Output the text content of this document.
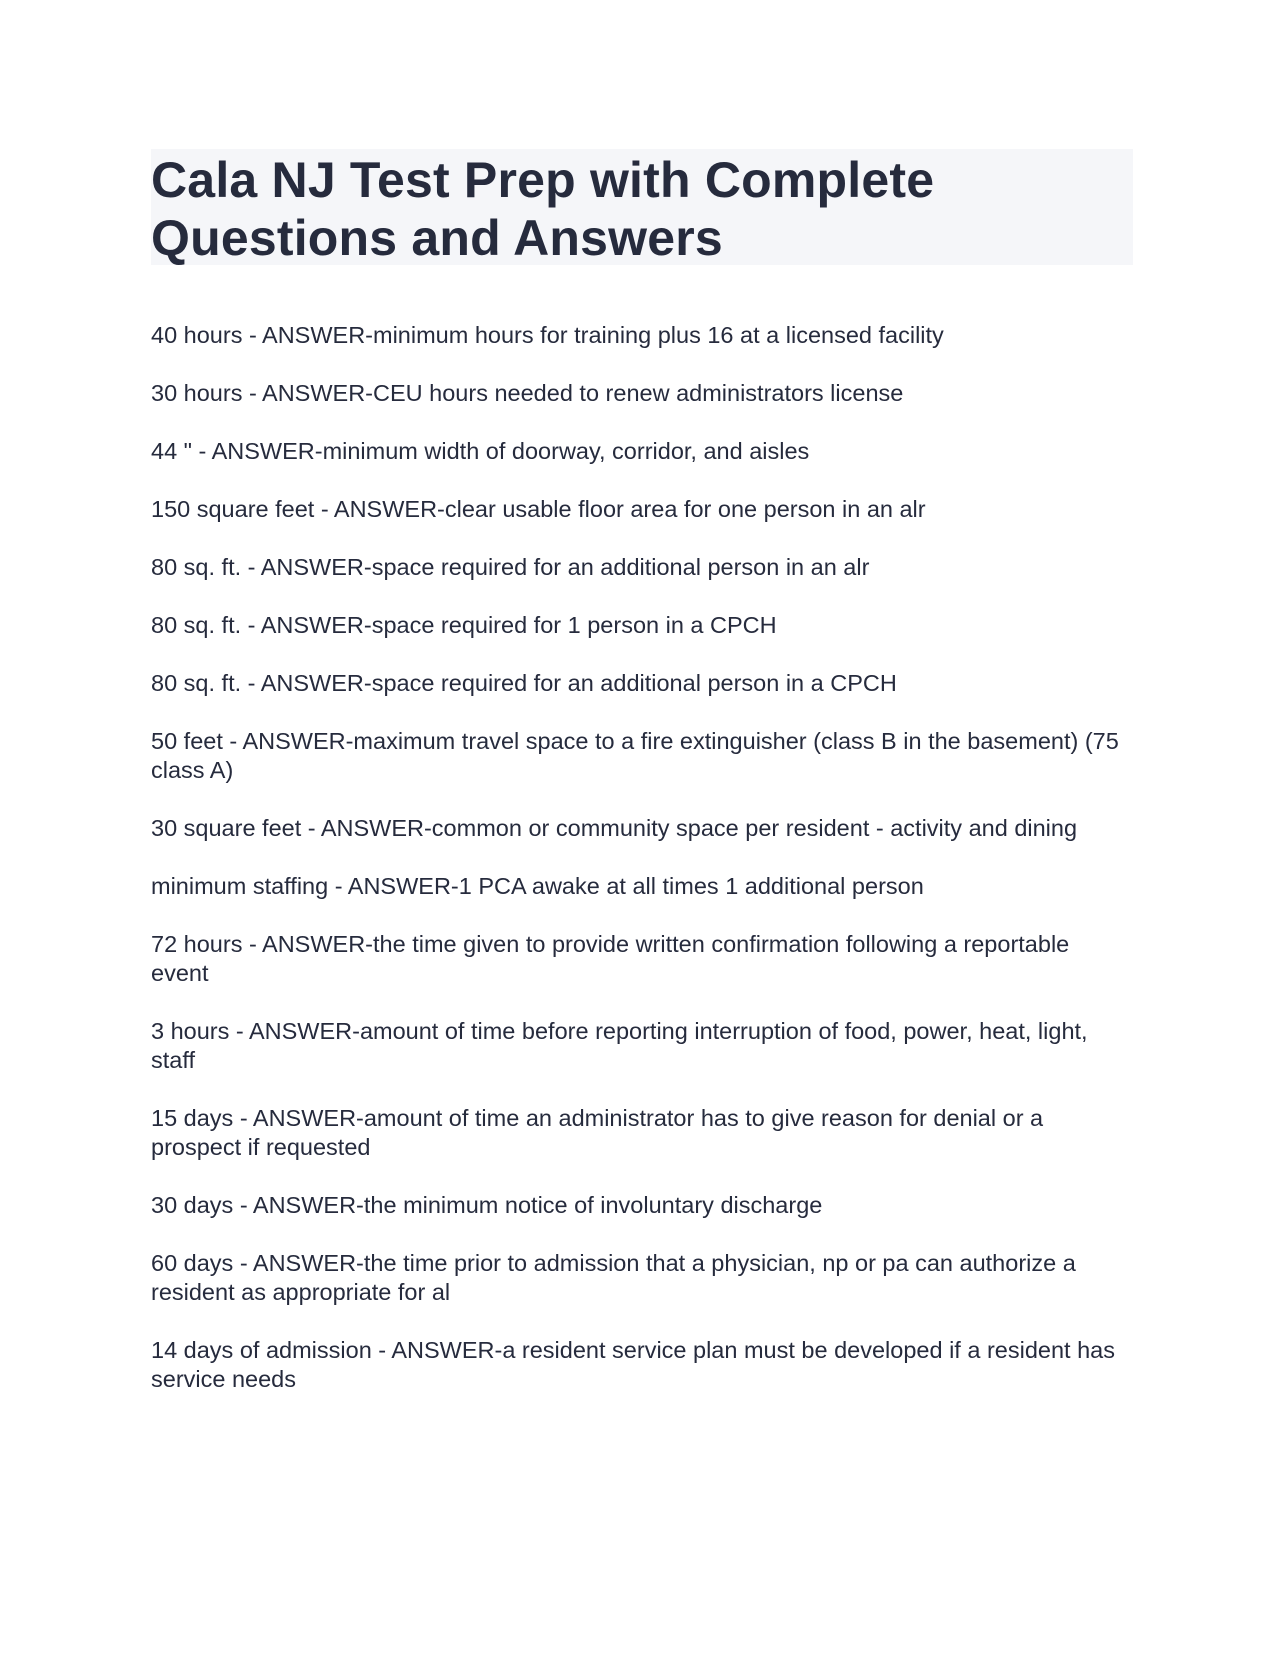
Cala NJ Test Prep with Complete Questions and Answers
40 hours - ANSWER-minimum hours for training plus 16 at a licensed facility
30 hours - ANSWER-CEU hours needed to renew administrators license
44 " - ANSWER-minimum width of doorway, corridor, and aisles
150 square feet - ANSWER-clear usable floor area for one person in an alr
80 sq. ft. - ANSWER-space required for an additional person in an alr
80 sq. ft. - ANSWER-space required for 1 person in a CPCH
80 sq. ft. - ANSWER-space required for an additional person in a CPCH
50 feet - ANSWER-maximum travel space to a fire extinguisher (class B in the basement) (75 class A)
30 square feet - ANSWER-common or community space per resident - activity and dining
minimum staffing - ANSWER-1 PCA awake at all times 1 additional person
72 hours - ANSWER-the time given to provide written confirmation following a reportable event
3 hours - ANSWER-amount of time before reporting interruption of food, power, heat, light, staff
15 days - ANSWER-amount of time an administrator has to give reason for denial or a prospect if requested
30 days - ANSWER-the minimum notice of involuntary discharge
60 days - ANSWER-the time prior to admission that a physician, np or pa can authorize a resident as appropriate for al
14 days of admission - ANSWER-a resident service plan must be developed if a resident has service needs
